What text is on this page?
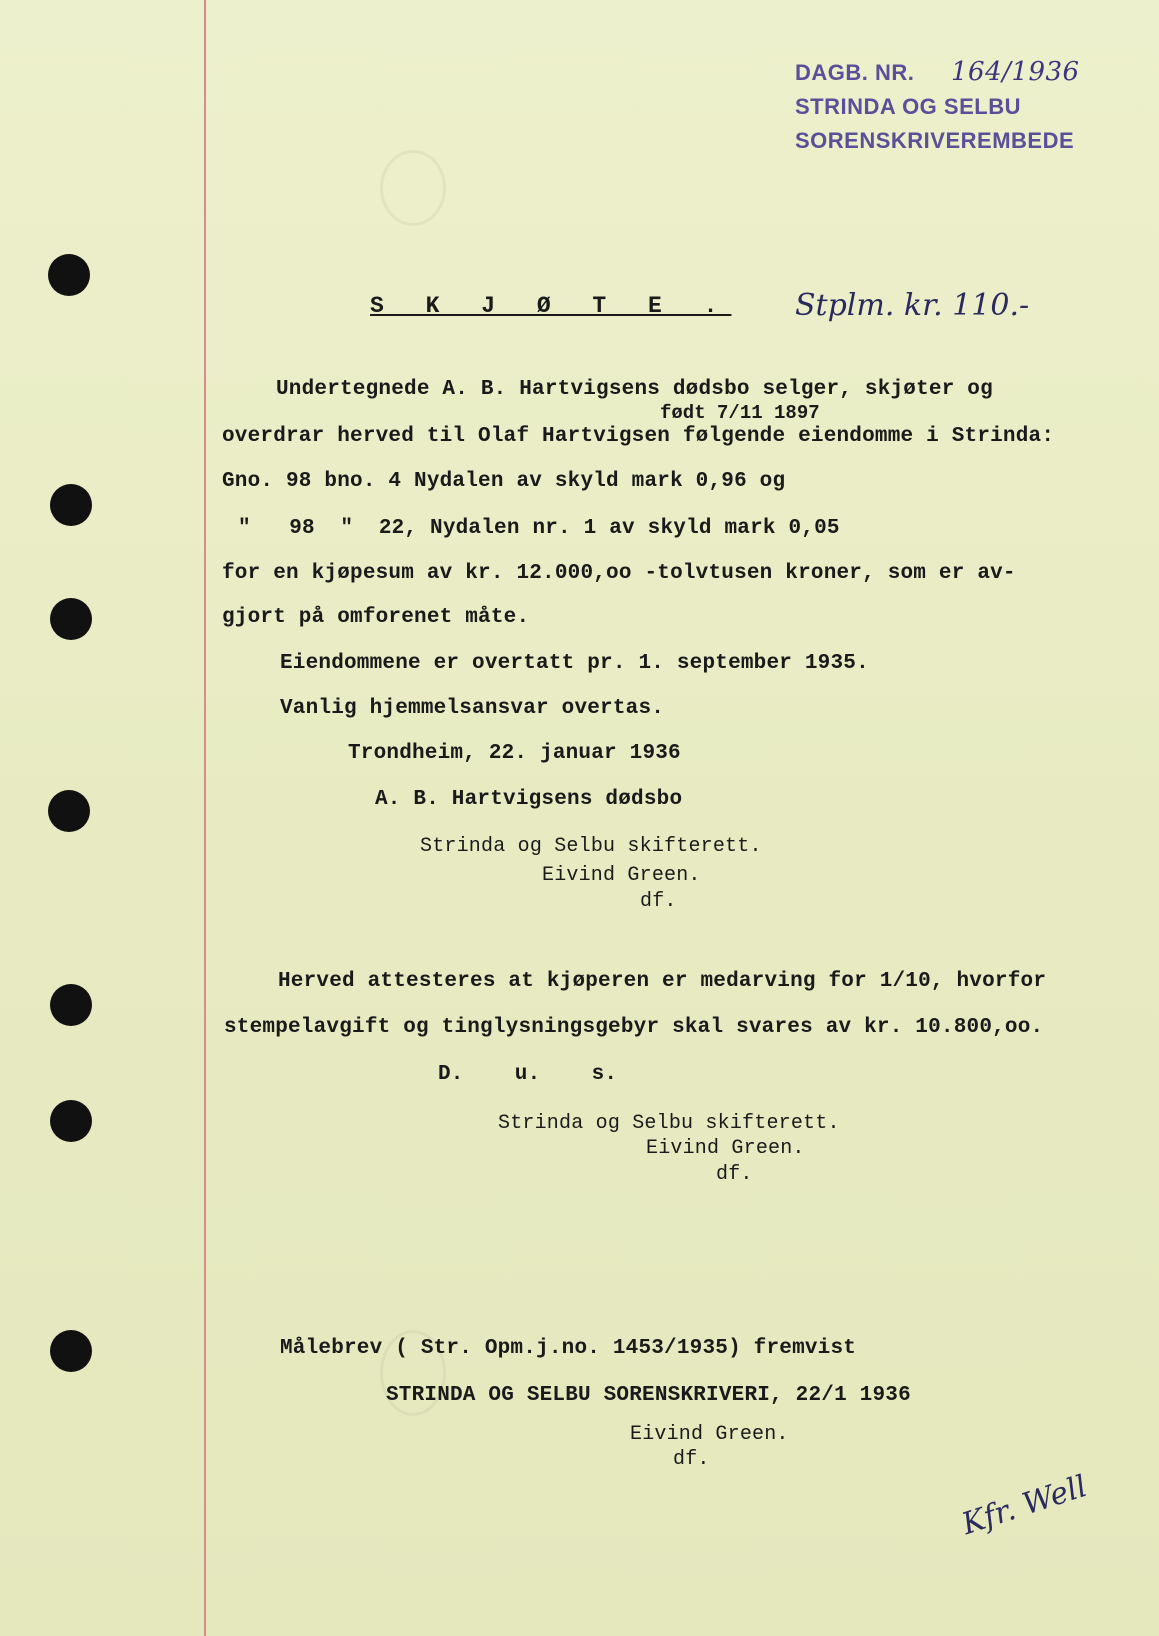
DAGB. NR. 164/1936
STRINDA OG SELBU
SORENSKRIVEREMBEDE
Stplm. kr. 110.-
S K J Ø T E .
Undertegnede A. B. Hartvigsens dødsbo selger, skjøter og
født 7/11 1897
overdrar herved til Olaf Hartvigsen følgende eiendomme i Strinda:
Gno. 98 bno. 4 Nydalen av skyld mark 0,96 og
"   98  "  22, Nydalen nr. 1 av skyld mark 0,05
for en kjøpesum av kr. 12.000,oo -tolvtusen kroner, som er av-
gjort på omforenet måte.
Eiendommene er overtatt pr. 1. september 1935.
Vanlig hjemmelsansvar overtas.
Trondheim, 22. januar 1936
A. B. Hartvigsens dødsbo
Strinda og Selbu skifterett.
Eivind Green.
df.
Herved attesteres at kjøperen er medarving for 1/10, hvorfor
stempelavgift og tinglysningsgebyr skal svares av kr. 10.800,oo.
D.    u.    s.
Strinda og Selbu skifterett.
Eivind Green.
df.
Målebrev ( Str. Opm.j.no. 1453/1935) fremvist
STRINDA OG SELBU SORENSKRIVERI, 22/1 1936
Eivind Green.
df.
Kfr. Well
